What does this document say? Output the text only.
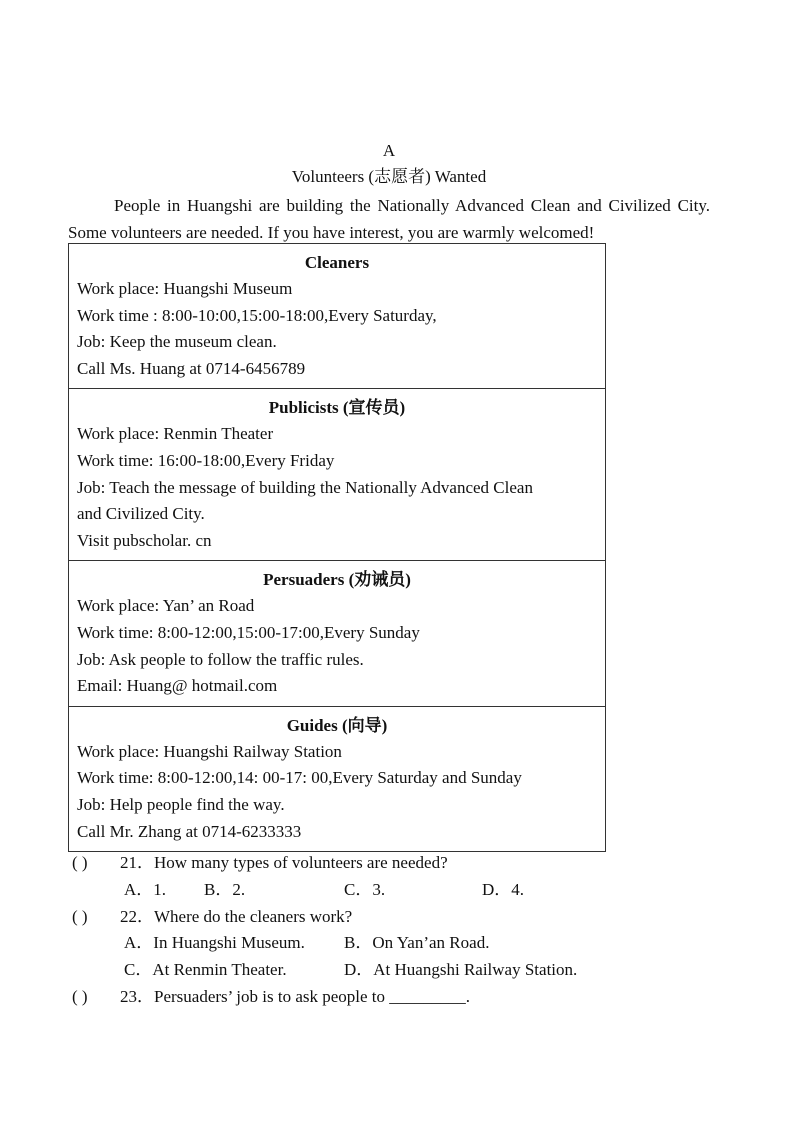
A
Volunteers (志愿者) Wanted
People in Huangshi are building the Nationally Advanced Clean and Civilized City. Some volunteers are needed. If you have interest, you are warmly welcomed!
Cleaners
Work place: Huangshi Museum
Work time : 8:00-10:00,15:00-18:00,Every Saturday,
Job: Keep the museum clean.
Call Ms. Huang at 0714-6456789
Publicists (宣传员)
Work place: Renmin Theater
Work time: 16:00-18:00,Every Friday
Job: Teach the message of building the Nationally Advanced Clean
and Civilized City.
Visit pubscholar. cn
Persuaders (劝诫员)
Work place: Yan’ an Road
Work time: 8:00-12:00,15:00-17:00,Every Sunday
Job: Ask people to follow the traffic rules.
Email: Huang@ hotmail.com
Guides (向导)
Work place: Huangshi Railway Station
Work time: 8:00-12:00,14: 00-17: 00,Every Saturday and Sunday
Job: Help people find the way.
Call Mr. Zhang at 0714-6233333
( ) 21．How many types of volunteers are needed?
A．1. B．2.	C．3.	D．4.
( ) 22．Where do the cleaners work?
A．In Huangshi Museum. B．On Yan’an Road.
C．At Renmin Theater.	D．At Huangshi Railway Station.
( ) 23．Persuaders’ job is to ask people to _________.
